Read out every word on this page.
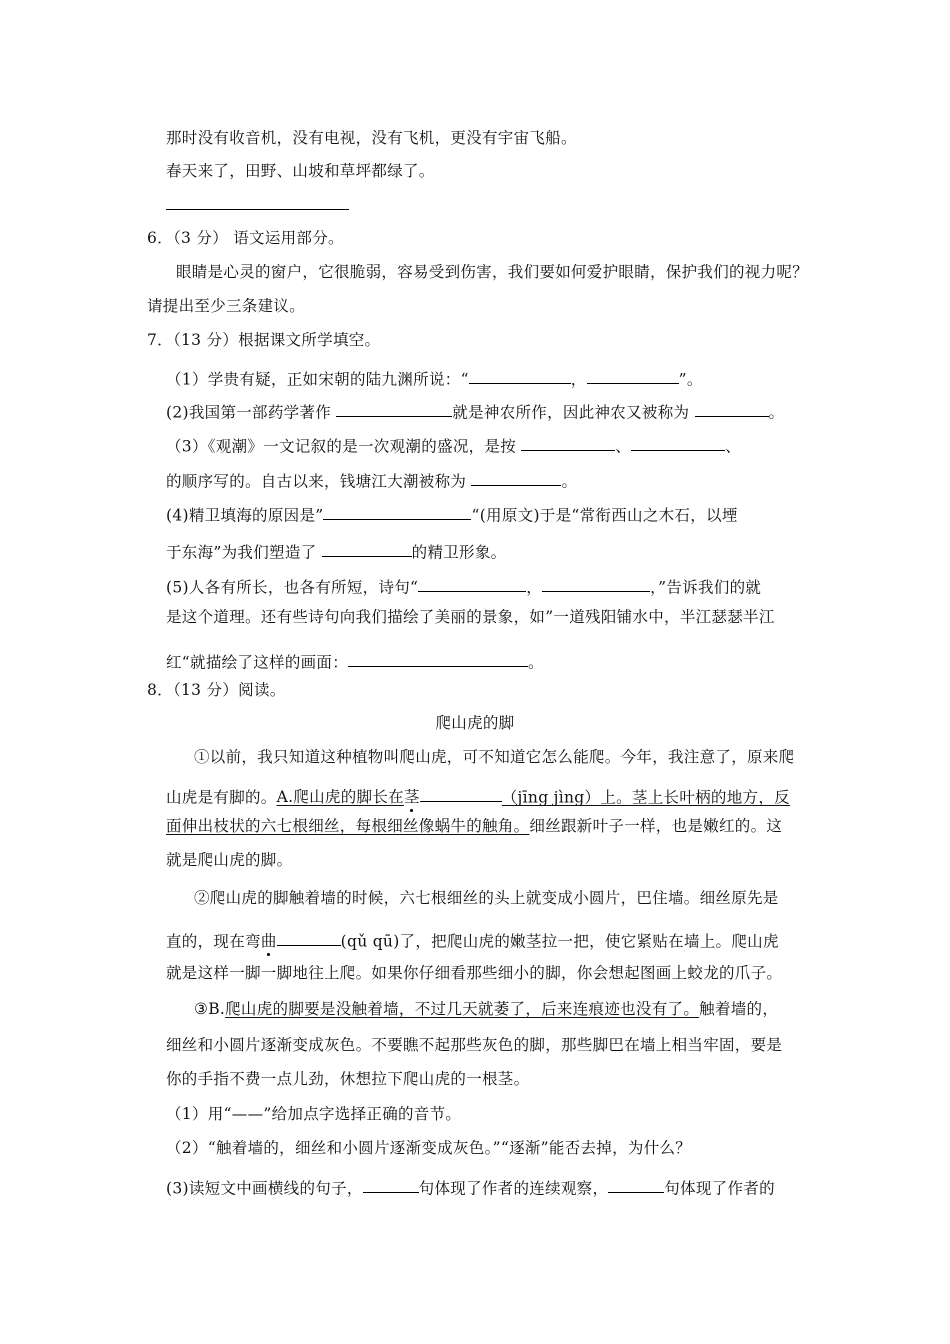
那时没有收音机，没有电视，没有飞机，更没有宇宙飞船。
春天来了，田野、山坡和草坪都绿了。
6．（3 分） 语文运用部分。
眼睛是心灵的窗户，它很脆弱，容易受到伤害，我们要如何爱护眼睛，保护我们的视力呢？
请提出至少三条建议。
7．（13 分）根据课文所学填空。
（1）学贵有疑，正如宋朝的陆九渊所说：“	，	”。
(2)我国第一部药学著作	就是神农所作，因此神农又被称为	。
（3）《观潮》一文记叙的是一次观潮的盛况，是按	、	、
的顺序写的。自古以来，钱塘江大潮被称为	。
(4)精卫填海的原因是”	“(用原文)于是“常衔西山之木石，以堙
于东海”为我们塑造了	的精卫形象。
(5)人各有所长，也各有所短，诗句“	，	，”告诉我们的就
是这个道理。还有些诗句向我们描绘了美丽的景象，如”一道残阳铺水中，半江瑟瑟半江
红“就描绘了这样的画面：	。
8．（13 分）阅读。
爬山虎的脚
①以前，我只知道这种植物叫爬山虎，可不知道它怎么能爬。今年，我注意了，原来爬
山虎是有脚的。A.爬山虎的脚长在茎	（jīng jìng）上。茎上长叶柄的地方，反
面伸出枝状的六七根细丝，每根细丝像蜗牛的触角。细丝跟新叶子一样，也是嫩红的。这
就是爬山虎的脚。
②爬山虎的脚触着墙的时候，六七根细丝的头上就变成小圆片，巴住墙。细丝原先是
直的，现在弯曲	(qǔ qū)了，把爬山虎的嫩茎拉一把，使它紧贴在墙上。爬山虎
就是这样一脚一脚地往上爬。如果你仔细看那些细小的脚，你会想起图画上蛟龙的爪子。
③B.爬山虎的脚要是没触着墙，不过几天就萎了，后来连痕迹也没有了。触着墙的，
细丝和小圆片逐渐变成灰色。不要瞧不起那些灰色的脚，那些脚巴在墙上相当牢固，要是
你的手指不费一点儿劲，休想拉下爬山虎的一根茎。
（1）用“——”给加点字选择正确的音节。
（2）“触着墙的，细丝和小圆片逐渐变成灰色。”“逐渐”能否去掉，为什么？
(3)读短文中画横线的句子，	句体现了作者的连续观察，	句体现了作者的
